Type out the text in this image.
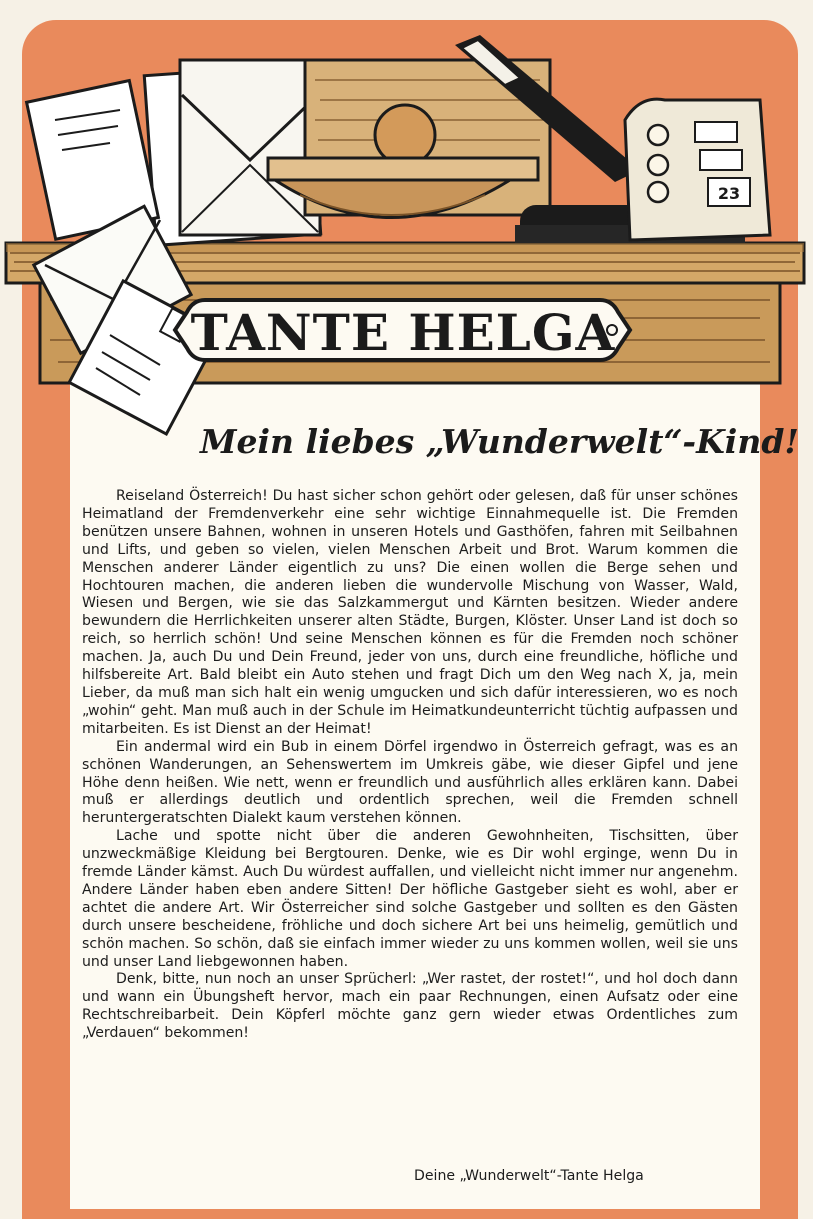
23
TANTE HELGA
Mein liebes „Wunderwelt“-Kind!

Reiseland Österreich! Du hast sicher schon gehört oder gelesen, daß für unser schönes Heimatland der Fremdenverkehr eine sehr wichtige Einnahmequelle ist. Die Fremden benützen unsere Bahnen, wohnen in unseren Hotels und Gasthöfen, fahren mit Seilbahnen und Lifts, und geben so vielen, vielen Menschen Arbeit und Brot. Warum kommen die Menschen anderer Länder eigentlich zu uns? Die einen wollen die Berge sehen und Hochtouren machen, die anderen lieben die wundervolle Mischung von Wasser, Wald, Wiesen und Bergen, wie sie das Salzkammergut und Kärnten besitzen. Wieder andere bewundern die Herrlichkeiten unserer alten Städte, Burgen, Klöster. Unser Land ist doch so reich, so herrlich schön! Und seine Menschen können es für die Fremden noch schöner machen. Ja, auch Du und Dein Freund, jeder von uns, durch eine freundliche, höfliche und hilfsbereite Art. Bald bleibt ein Auto stehen und fragt Dich um den Weg nach X, ja, mein Lieber, da muß man sich halt ein wenig umgucken und sich dafür interessieren, wo es noch „wohin“ geht. Man muß auch in der Schule im Heimatkundeunterricht tüchtig aufpassen und mitarbeiten. Es ist Dienst an der Heimat!

Ein andermal wird ein Bub in einem Dörfel irgendwo in Österreich gefragt, was es an schönen Wanderungen, an Sehenswertem im Umkreis gäbe, wie dieser Gipfel und jene Höhe denn heißen. Wie nett, wenn er freundlich und ausführlich alles erklären kann. Dabei muß er allerdings deutlich und ordentlich sprechen, weil die Fremden schnell heruntergeratschten Dialekt kaum verstehen können.

Lache und spotte nicht über die anderen Gewohnheiten, Tischsitten, über unzweckmäßige Kleidung bei Bergtouren. Denke, wie es Dir wohl erginge, wenn Du in fremde Länder kämst. Auch Du würdest auffallen, und vielleicht nicht immer nur angenehm. Andere Länder haben eben andere Sitten! Der höfliche Gastgeber sieht es wohl, aber er achtet die andere Art. Wir Österreicher sind solche Gastgeber und sollten es den Gästen durch unsere bescheidene, fröhliche und doch sichere Art bei uns heimelig, gemütlich und schön machen. So schön, daß sie einfach immer wieder zu uns kommen wollen, weil sie uns und unser Land liebgewonnen haben.

Denk, bitte, nun noch an unser Sprücherl: „Wer rastet, der rostet!“, und hol doch dann und wann ein Übungsheft hervor, mach ein paar Rechnungen, einen Aufsatz oder eine Rechtschreibarbeit. Dein Köpferl möchte ganz gern wieder etwas Ordentliches zum „Verdauen“ bekommen!

Deine „Wunderwelt“-Tante Helga
